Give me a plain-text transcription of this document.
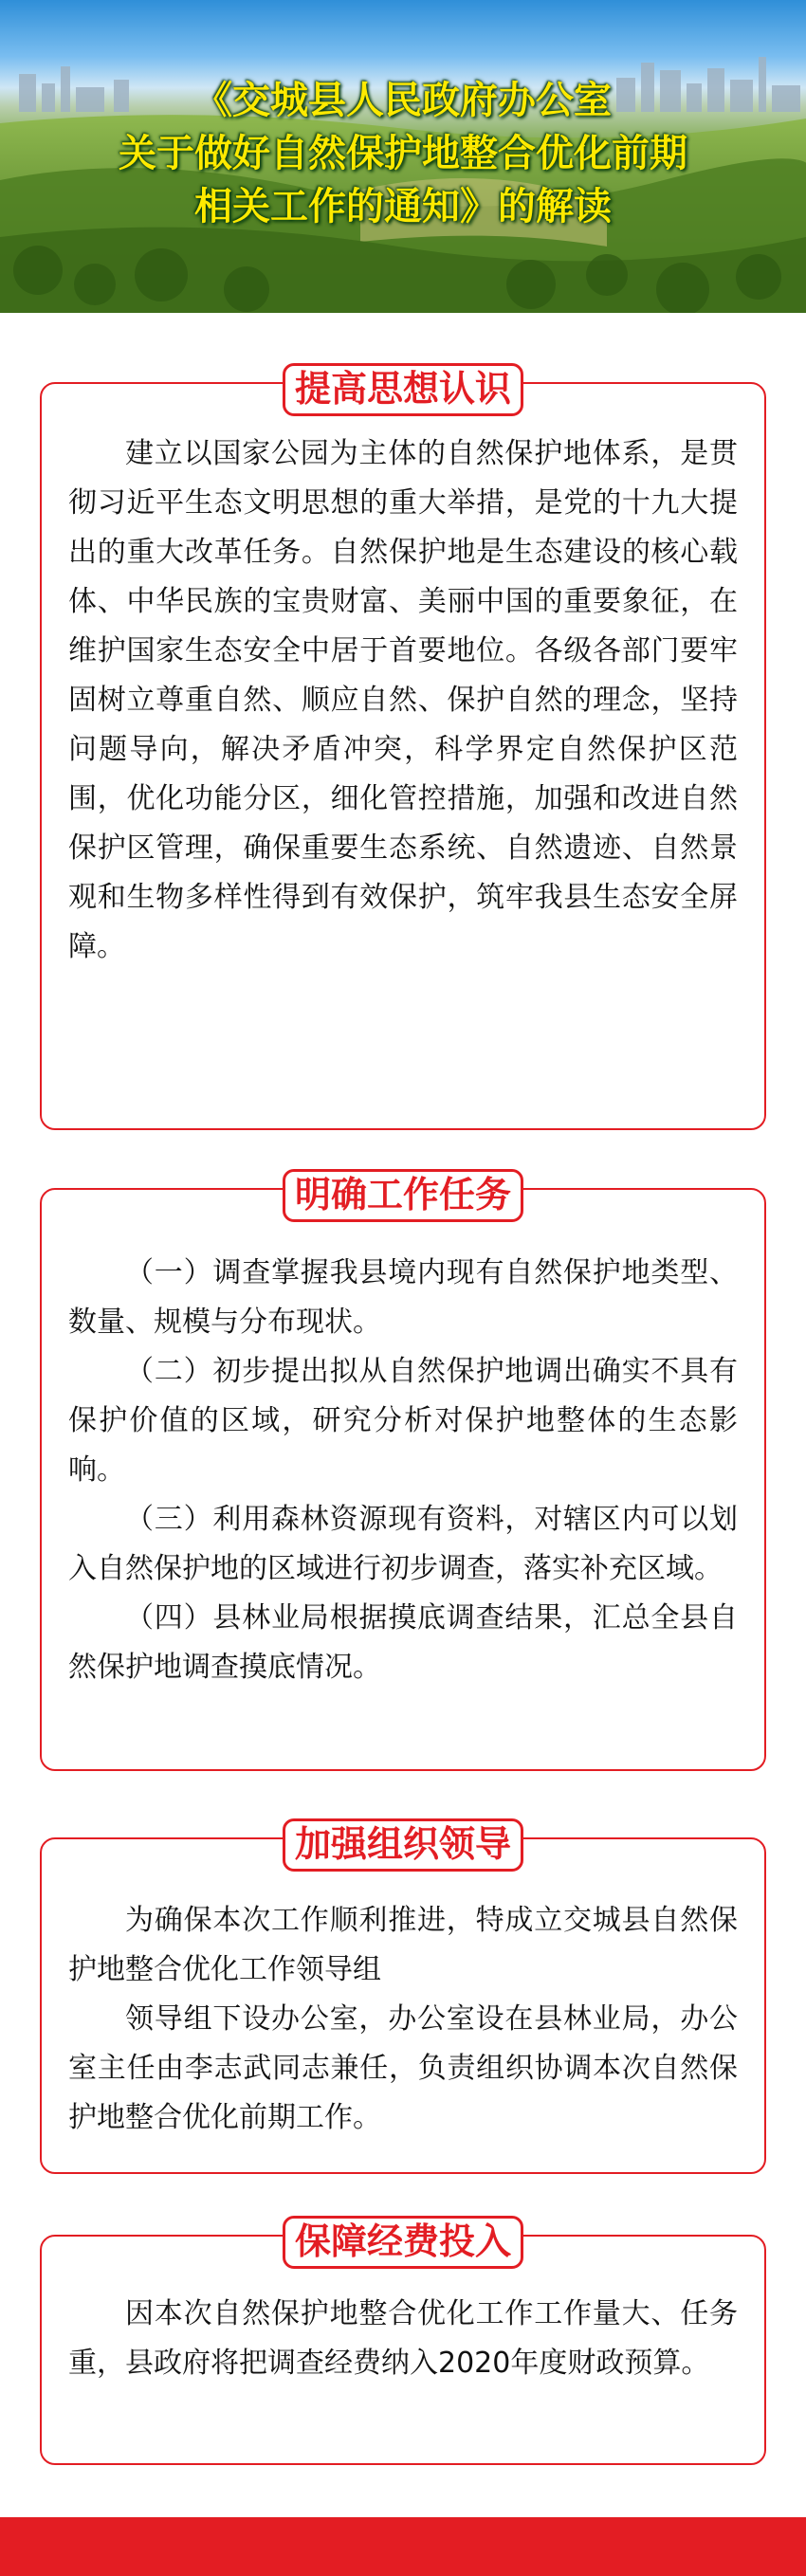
《交城县人民政府办公室
关于做好自然保护地整合优化前期
相关工作的通知》的解读
提高思想认识

建立以国家公园为主体的自然保护地体系，是贯彻习近平生态文明思想的重大举措，是党的十九大提出的重大改革任务。自然保护地是生态建设的核心载体、中华民族的宝贵财富、美丽中国的重要象征，在维护国家生态安全中居于首要地位。各级各部门要牢固树立尊重自然、顺应自然、保护自然的理念，坚持问题导向，解决矛盾冲突，科学界定自然保护区范围，优化功能分区，细化管控措施，加强和改进自然保护区管理，确保重要生态系统、自然遗迹、自然景观和生物多样性得到有效保护，筑牢我县生态安全屏障。

明确工作任务

（一）调查掌握我县境内现有自然保护地类型、数量、规模与分布现状。

（二）初步提出拟从自然保护地调出确实不具有保护价值的区域，研究分析对保护地整体的生态影响。

（三）利用森林资源现有资料，对辖区内可以划入自然保护地的区域进行初步调查，落实补充区域。

（四）县林业局根据摸底调查结果，汇总全县自然保护地调查摸底情况。

加强组织领导

为确保本次工作顺利推进，特成立交城县自然保护地整合优化工作领导组

领导组下设办公室，办公室设在县林业局，办公室主任由李志武同志兼任，负责组织协调本次自然保护地整合优化前期工作。

保障经费投入

因本次自然保护地整合优化工作工作量大、任务重，县政府将把调查经费纳入2020年度财政预算。
